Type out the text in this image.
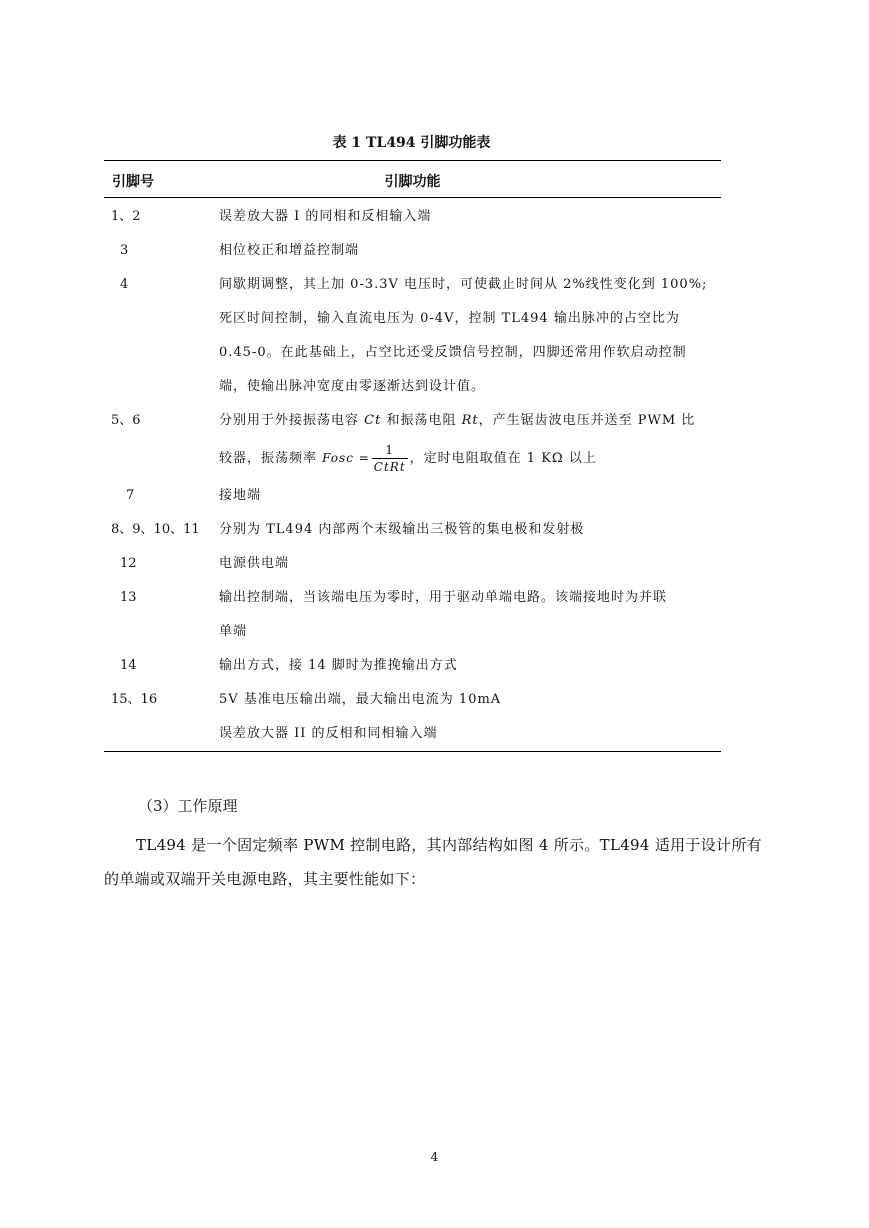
表 1 TL494 引脚功能表
引脚号	引脚功能
1、2	误差放大器 I 的同相和反相输入端
3	相位校正和增益控制端
4	间歇期调整，其上加 0-3.3V 电压时，可使截止时间从 2%线性变化到 100%;
死区时间控制，输入直流电压为 0-4V，控制 TL494 输出脉冲的占空比为
0.45-0。在此基础上，占空比还受反馈信号控制，四脚还常用作软启动控制
端，使输出脉冲宽度由零逐渐达到设计值。
5、6	分别用于外接振荡电容 Ct 和振荡电阻 Rt，产生锯齿波电压并送至 PWM 比
较器，振荡频率 Fosc = $\frac{1}{\text{CtRt}}$ ，定时电阻取值在 1 KΩ 以上
7	接地端
8、9、10、11	分别为 TL494 内部两个末级输出三极管的集电极和发射极
12	电源供电端
13	输出控制端，当该端电压为零时，用于驱动单端电路。该端接地时为并联
单端
14	输出方式，接 14 脚时为推挽输出方式
15、16	5V 基准电压输出端，最大输出电流为 10mA
误差放大器 II 的反相和同相输入端
（3）工作原理
TL494 是一个固定频率 PWM 控制电路，其内部结构如图 4 所示。TL494 适用于设计所有的单端或双端开关电源电路，其主要性能如下：
4
